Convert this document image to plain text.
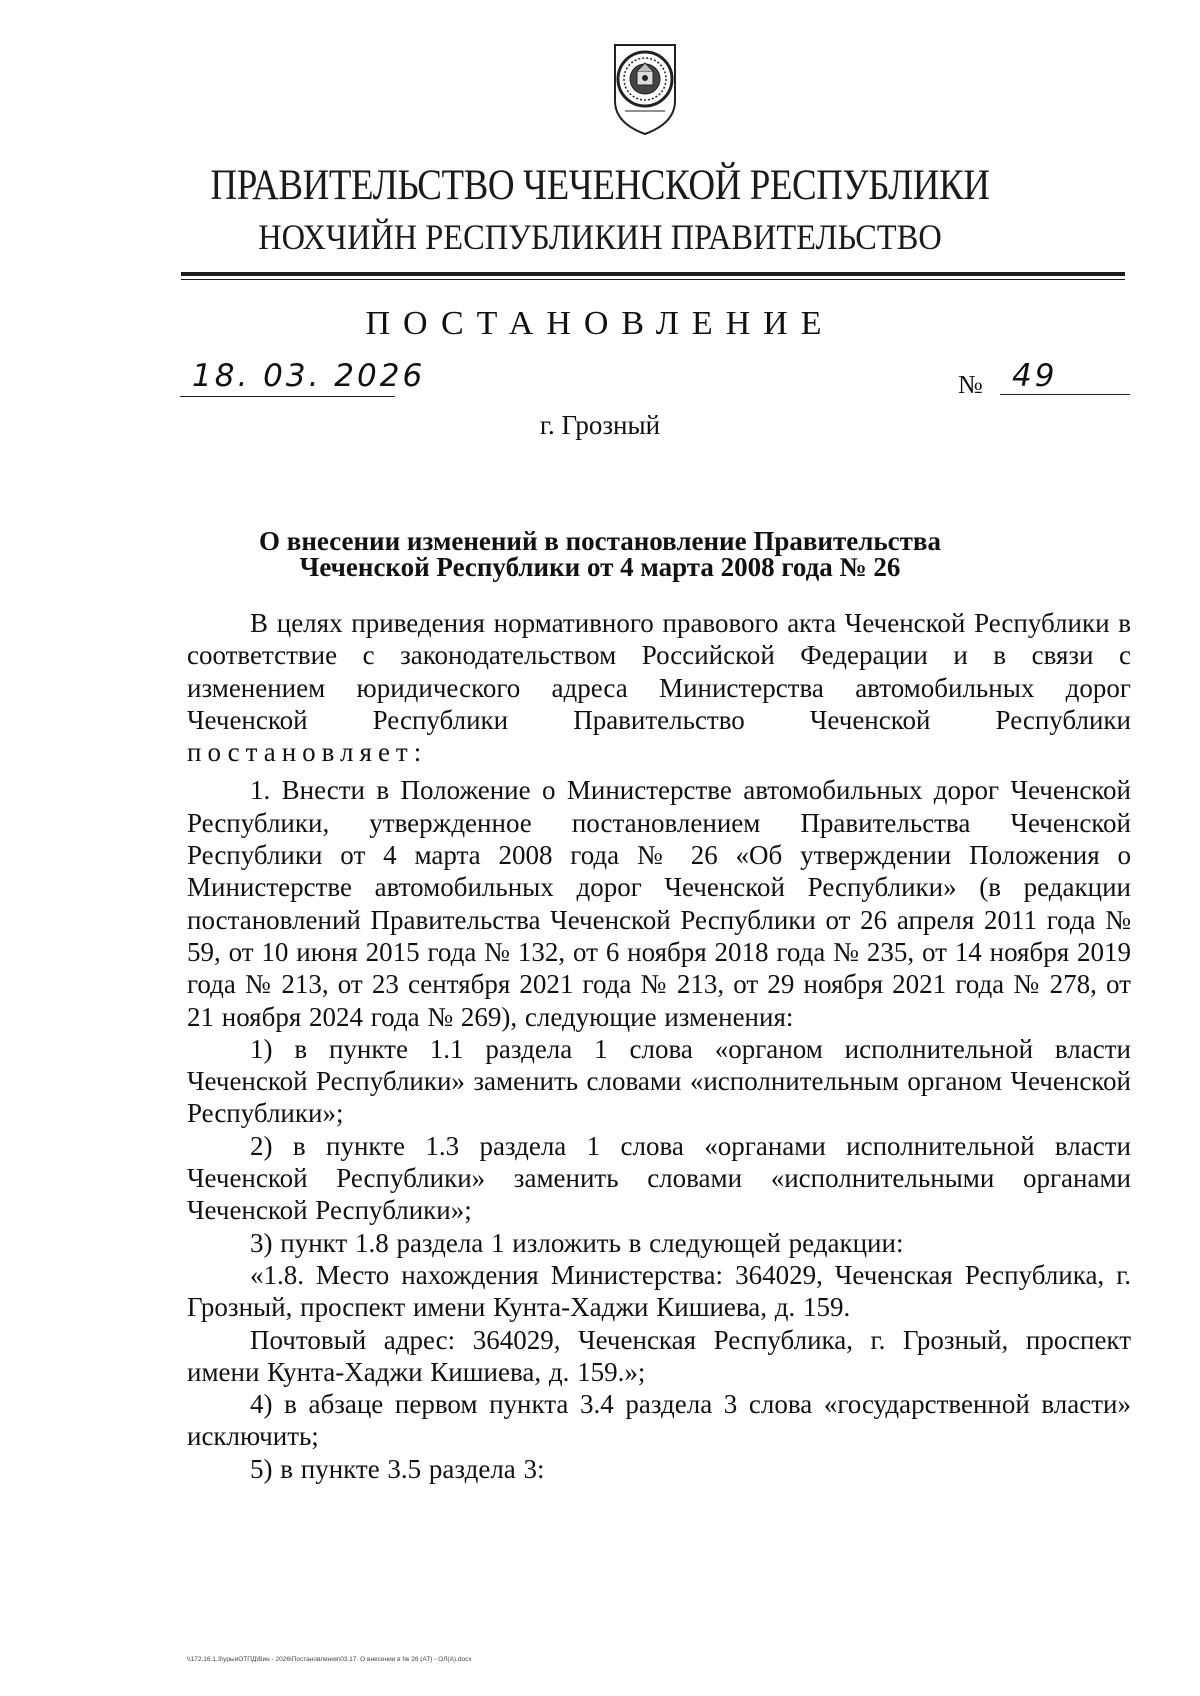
ПРАВИТЕЛЬСТВО ЧЕЧЕНСКОЙ РЕСПУБЛИКИ
НОХЧИЙН РЕСПУБЛИКИН ПРАВИТЕЛЬСТВО
ПОСТАНОВЛЕНИЕ
18. 03. 2026	№ 49
г. Грозный
О внесении изменений в постановление Правительства
Чеченской Республики от 4 марта 2008 года № 26

В целях приведения нормативного правового акта Чеченской Республики в соответствие с законодательством Российской Федерации и в связи с изменением юридического адреса Министерства автомобильных дорог Чеченской Республики Правительство Чеченской Республики постановляет:

1. Внести в Положение о Министерстве автомобильных дорог Чеченской Республики, утвержденное постановлением Правительства Чеченской Республики от 4 марта 2008 года № 26 «Об утверждении Положения о Министерстве автомобильных дорог Чеченской Республики» (в редакции постановлений Правительства Чеченской Республики от 26 апреля 2011 года № 59, от 10 июня 2015 года № 132, от 6 ноября 2018 года № 235, от 14 ноября 2019 года № 213, от 23 сентября 2021 года № 213, от 29 ноября 2021 года № 278, от 21 ноября 2024 года № 269), следующие изменения:

1) в пункте 1.1 раздела 1 слова «органом исполнительной власти Чеченской Республики» заменить словами «исполнительным органом Чеченской Республики»;

2) в пункте 1.3 раздела 1 слова «органами исполнительной власти Чеченской Республики» заменить словами «исполнительными органами Чеченской Республики»;

3) пункт 1.8 раздела 1 изложить в следующей редакции:

«1.8. Место нахождения Министерства: 364029, Чеченская Республика, г. Грозный, проспект имени Кунта-Хаджи Кишиева, д. 159.

Почтовый адрес: 364029, Чеченская Республика, г. Грозный, проспект имени Кунта-Хаджи Кишиева, д. 159.»;

4) в абзаце первом пункта 3.4 раздела 3 слова «государственной власти» исключить;

5) в пункте 3.5 раздела 3:

\\172.16.1.3\урыиОТПД\Вин - 2026\Постановления\03.17. О внесении в № 26 (АТ) - ОЛ(А).docx
